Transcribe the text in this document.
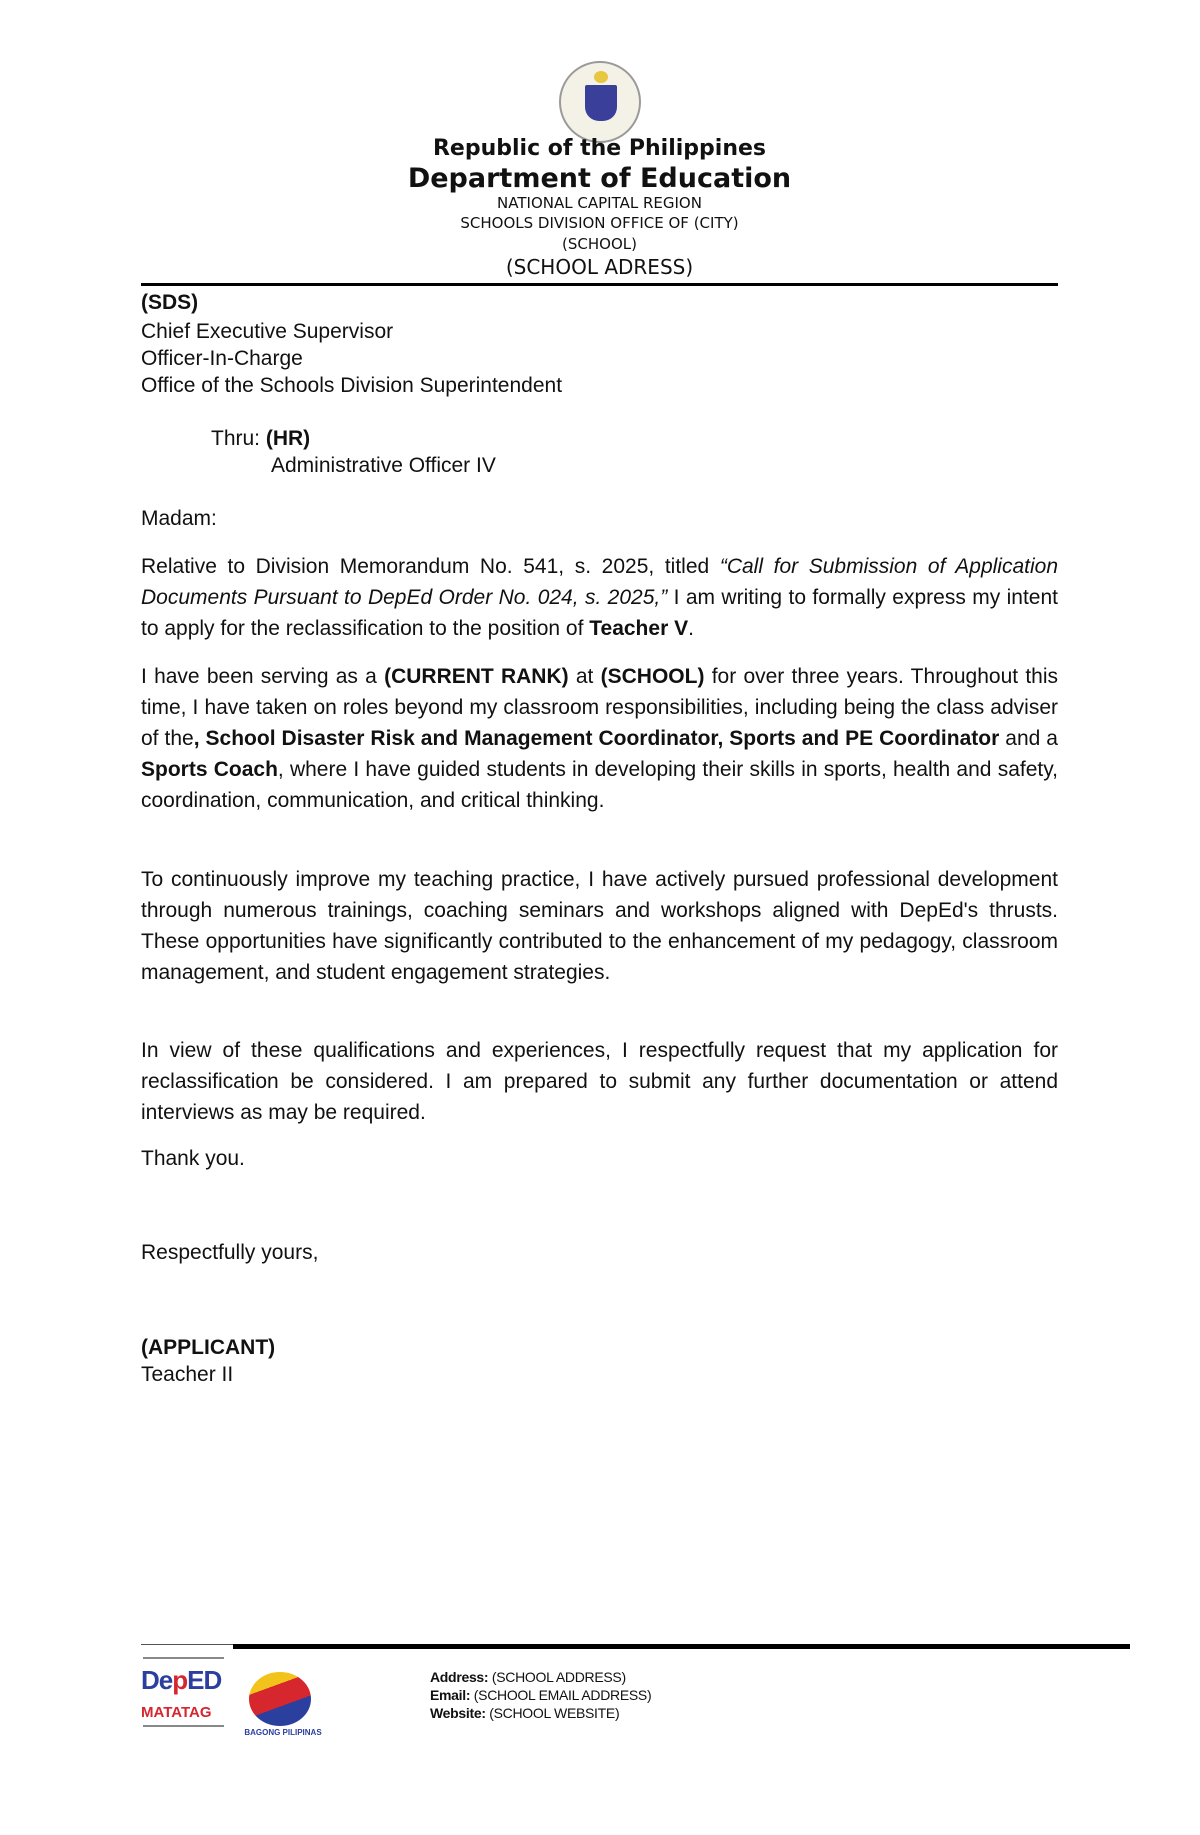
Republic of the Philippines
Department of Education
NATIONAL CAPITAL REGION
SCHOOLS DIVISION OFFICE OF (CITY)
(SCHOOL)
(SCHOOL ADRESS)
(SDS)
Chief Executive Supervisor
Officer-In-Charge
Office of the Schools Division Superintendent
Thru: (HR)
Administrative Officer IV
Madam:
Relative to Division Memorandum No. 541, s. 2025, titled “Call for Submission of Application Documents Pursuant to DepEd Order No. 024, s. 2025,” I am writing to formally express my intent to apply for the reclassification to the position of Teacher V.
I have been serving as a (CURRENT RANK) at (SCHOOL) for over three years. Throughout this time, I have taken on roles beyond my classroom responsibilities, including being the class adviser of the, School Disaster Risk and Management Coordinator, Sports and PE Coordinator and a Sports Coach, where I have guided students in developing their skills in sports, health and safety, coordination, communication, and critical thinking.
To continuously improve my teaching practice, I have actively pursued professional development through numerous trainings, coaching seminars and workshops aligned with DepEd's thrusts. These opportunities have significantly contributed to the enhancement of my pedagogy, classroom management, and student engagement strategies.
In view of these qualifications and experiences, I respectfully request that my application for reclassification be considered. I am prepared to submit any further documentation or attend interviews as may be required.
Thank you.
Respectfully yours,
(APPLICANT)
Teacher II
DepED
MATATAG
BAGONG PILIPINAS
Address: (SCHOOL ADDRESS)
Email: (SCHOOL EMAIL ADDRESS)
Website: (SCHOOL WEBSITE)
